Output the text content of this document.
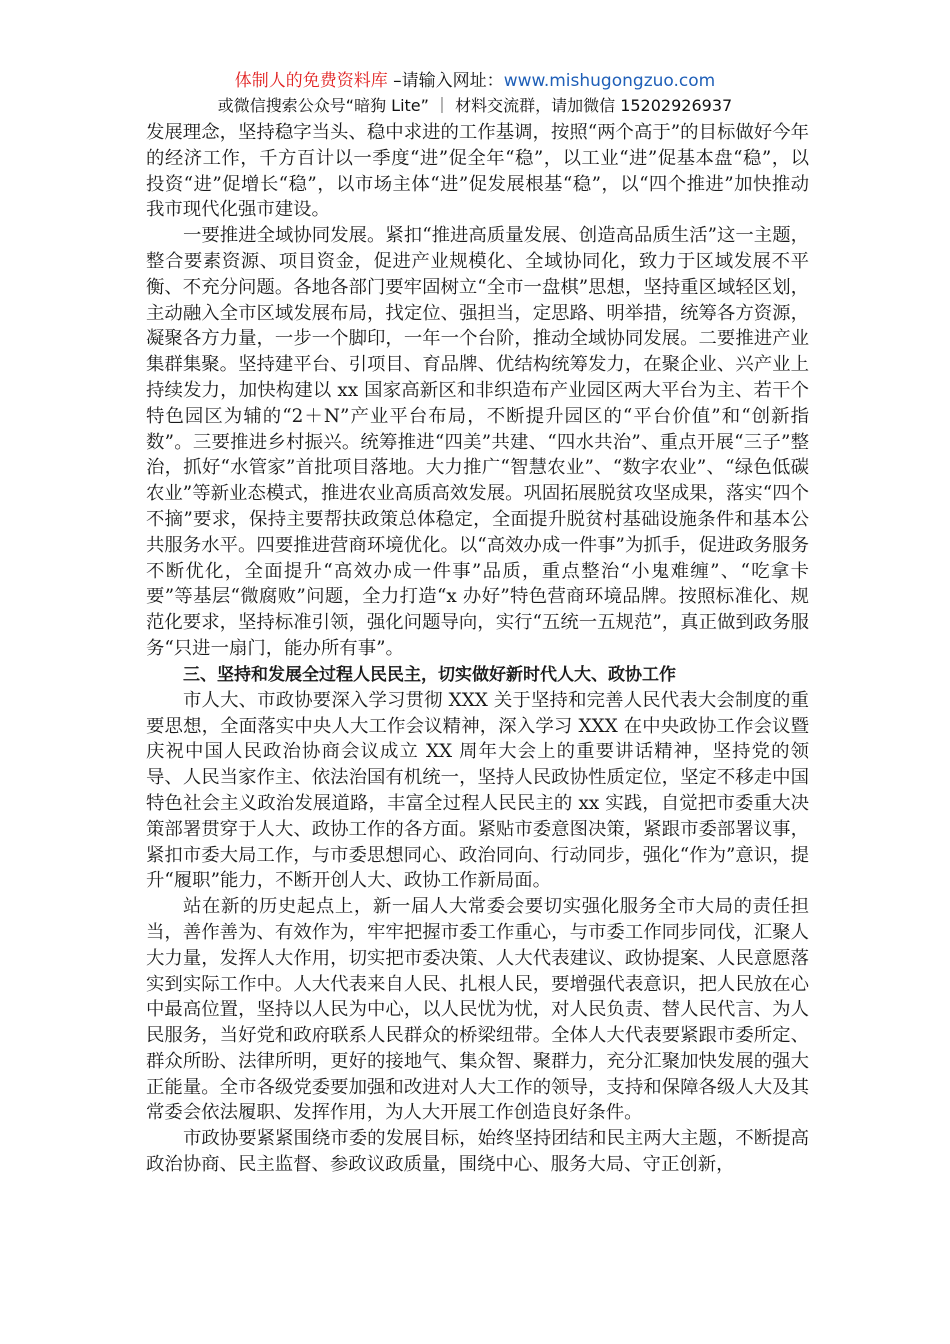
体制人的免费资料库 –请输入网址：www.mishugongzuo.com
或微信搜索公众号“暗狗 Lite” ｜ 材料交流群，请加微信 15202926937

发展理念，坚持稳字当头、稳中求进的工作基调，按照“两个高于”的目标做好今年的经济工作，千方百计以一季度“进”促全年“稳”，以工业“进”促基本盘“稳”，以投资“进”促增长“稳”，以市场主体“进”促发展根基“稳”，以“四个推进”加快推动我市现代化强市建设。

一要推进全域协同发展。紧扣“推进高质量发展、创造高品质生活”这一主题，整合要素资源、项目资金，促进产业规模化、全域协同化，致力于区域发展不平衡、不充分问题。各地各部门要牢固树立“全市一盘棋”思想，坚持重区域轻区划，主动融入全市区域发展布局，找定位、强担当，定思路、明举措，统筹各方资源，凝聚各方力量，一步一个脚印，一年一个台阶，推动全域协同发展。二要推进产业集群集聚。坚持建平台、引项目、育品牌、优结构统筹发力，在聚企业、兴产业上持续发力，加快构建以 xx 国家高新区和非织造布产业园区两大平台为主、若干个特色园区为辅的“2＋N”产业平台布局，不断提升园区的“平台价值”和“创新指数”。三要推进乡村振兴。统筹推进“四美”共建、“四水共治”、重点开展“三子”整治，抓好“水管家”首批项目落地。大力推广“智慧农业”、“数字农业”、“绿色低碳农业”等新业态模式，推进农业高质高效发展。巩固拓展脱贫攻坚成果，落实“四个不摘”要求，保持主要帮扶政策总体稳定，全面提升脱贫村基础设施条件和基本公共服务水平。四要推进营商环境优化。以“高效办成一件事”为抓手，促进政务服务不断优化，全面提升“高效办成一件事”品质，重点整治“小鬼难缠”、“吃拿卡要”等基层“微腐败”问题，全力打造“x 办好”特色营商环境品牌。按照标准化、规范化要求，坚持标准引领，强化问题导向，实行“五统一五规范”，真正做到政务服务“只进一扇门，能办所有事”。

三、坚持和发展全过程人民民主，切实做好新时代人大、政协工作

市人大、市政协要深入学习贯彻 XXX 关于坚持和完善人民代表大会制度的重要思想，全面落实中央人大工作会议精神，深入学习 XXX 在中央政协工作会议暨庆祝中国人民政治协商会议成立 XX 周年大会上的重要讲话精神，坚持党的领导、人民当家作主、依法治国有机统一，坚持人民政协性质定位，坚定不移走中国特色社会主义政治发展道路，丰富全过程人民民主的 xx 实践，自觉把市委重大决策部署贯穿于人大、政协工作的各方面。紧贴市委意图决策，紧跟市委部署议事，紧扣市委大局工作，与市委思想同心、政治同向、行动同步，强化“作为”意识，提升“履职”能力，不断开创人大、政协工作新局面。

站在新的历史起点上，新一届人大常委会要切实强化服务全市大局的责任担当，善作善为、有效作为，牢牢把握市委工作重心，与市委工作同步同伐，汇聚人大力量，发挥人大作用，切实把市委决策、人大代表建议、政协提案、人民意愿落实到实际工作中。人大代表来自人民、扎根人民，要增强代表意识，把人民放在心中最高位置，坚持以人民为中心，以人民忧为忧，对人民负责、替人民代言、为人民服务，当好党和政府联系人民群众的桥梁纽带。全体人大代表要紧跟市委所定、群众所盼、法律所明，更好的接地气、集众智、聚群力，充分汇聚加快发展的强大正能量。全市各级党委要加强和改进对人大工作的领导，支持和保障各级人大及其常委会依法履职、发挥作用，为人大开展工作创造良好条件。

市政协要紧紧围绕市委的发展目标，始终坚持团结和民主两大主题，不断提高政治协商、民主监督、参政议政质量，围绕中心、服务大局、守正创新，
